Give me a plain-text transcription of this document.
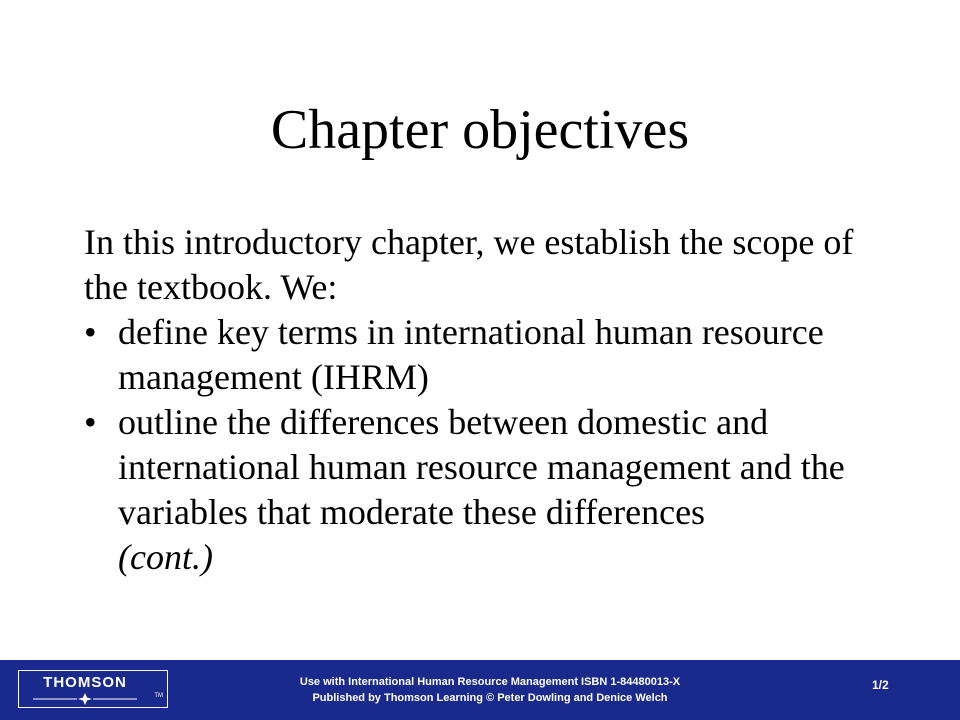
Chapter objectives

In this introductory chapter, we establish the scope of the textbook. We:

• define key terms in international human resource management (IHRM)
• outline the differences between domestic and international human resource management and the variables that moderate these differences
(cont.)
THOMSON
TM
Use with International Human Resource Management ISBN 1-84480013-X
Published by Thomson Learning © Peter Dowling and Denice Welch
1/2
